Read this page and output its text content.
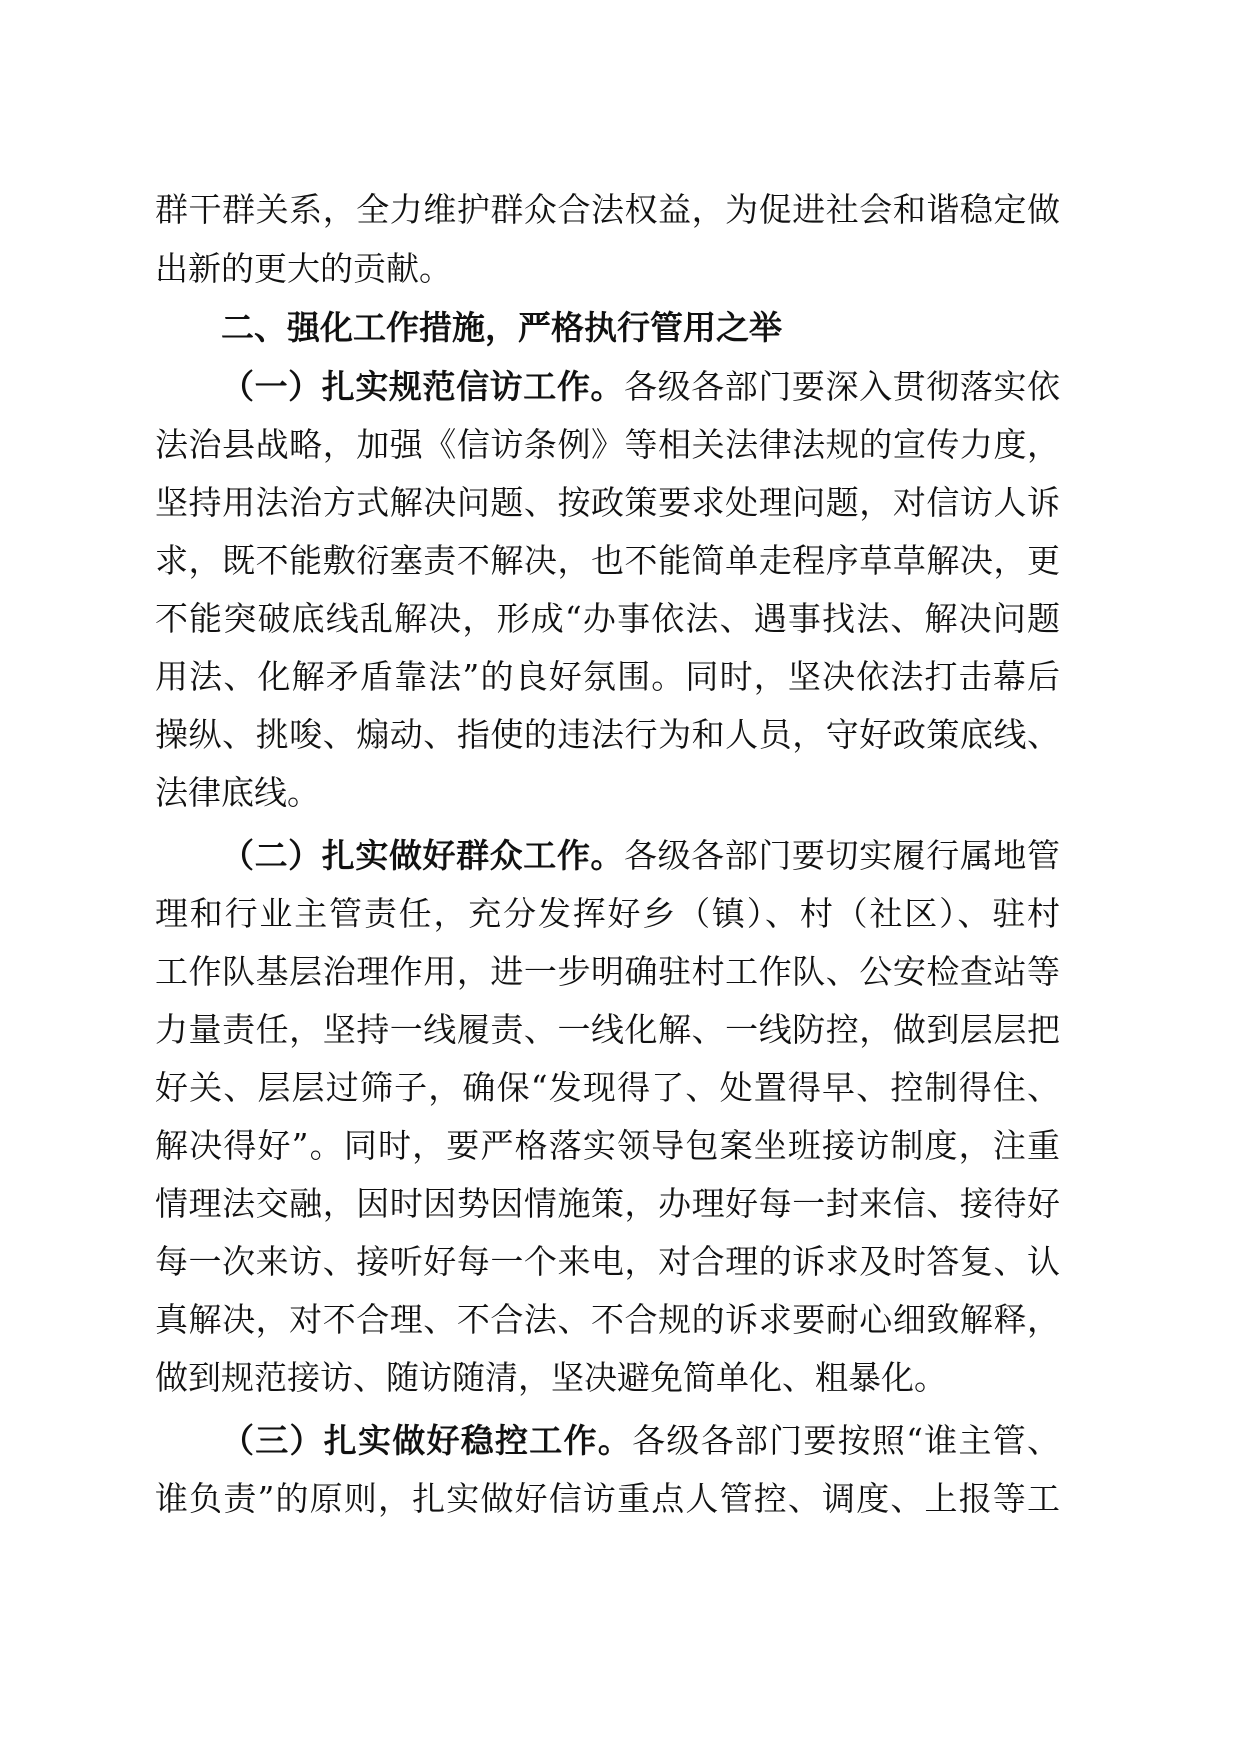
群干群关系，全力维护群众合法权益，为促进社会和谐稳定做
出新的更大的贡献。
二、强化工作措施，严格执行管用之举
（一）扎实规范信访工作。各级各部门要深入贯彻落实依
法治县战略，加强《信访条例》等相关法律法规的宣传力度，
坚持用法治方式解决问题、按政策要求处理问题，对信访人诉
求，既不能敷衍塞责不解决，也不能简单走程序草草解决，更
不能突破底线乱解决，形成“办事依法、遇事找法、解决问题
用法、化解矛盾靠法”的良好氛围。同时，坚决依法打击幕后
操纵、挑唆、煽动、指使的违法行为和人员，守好政策底线、
法律底线。
（二）扎实做好群众工作。各级各部门要切实履行属地管
理和行业主管责任，充分发挥好乡（镇）、村（社区）、驻村
工作队基层治理作用，进一步明确驻村工作队、公安检查站等
力量责任，坚持一线履责、一线化解、一线防控，做到层层把
好关、层层过筛子，确保“发现得了、处置得早、控制得住、
解决得好”。同时，要严格落实领导包案坐班接访制度，注重
情理法交融，因时因势因情施策，办理好每一封来信、接待好
每一次来访、接听好每一个来电，对合理的诉求及时答复、认
真解决，对不合理、不合法、不合规的诉求要耐心细致解释，
做到规范接访、随访随清，坚决避免简单化、粗暴化。
（三）扎实做好稳控工作。各级各部门要按照“谁主管、
谁负责”的原则，扎实做好信访重点人管控、调度、上报等工
